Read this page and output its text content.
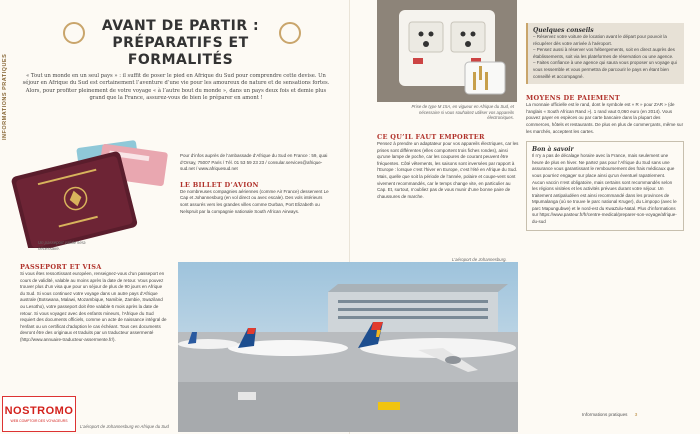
INFORMATIONS PRATIQUES
AVANT DE PARTIR :
PRÉPARATIFS ET FORMALITÉS
« Tout un monde en un seul pays » : il suffit de poser le pied en Afrique du Sud pour comprendre cette devise. Un séjour en Afrique du Sud est certainement l’aventure d’une vie pour les amoureux de nature et de sensations fortes. Alors, pour profiter pleinement de votre voyage « à l’autre bout du monde », dans un pays deux fois et demie plus grand que la France, assurez-vous de bien le préparer en amont !
Un passeport valide sera nécessaire.
PASSEPORT ET VISA
Si vous êtes ressortissant européen, renseignez-vous d’un passeport en cours de validité, valable au moins après la date de retour. Vous pouvez trouver plus d’un visa que pour un séjour de plus de 90 jours en Afrique du Sud. Si vous continuez votre voyage dans un autre pays d’Afrique australe (Botswana, Malawi, Mozambique, Namibie, Zambie, Swaziland ou Lesotho), votre passeport doit être valable 6 mois après la date de retour. Si vous voyagez avec des enfants mineurs, l’Afrique du Sud requiert des documents officiels, comme un acte de naissance intégral de l’enfant ou un certificat d’adoption le cas échéant. Tous ces documents devront être des originaux et traduits par un traducteur assermenté (http://www.annuaire-traducteur-assermente.fr/).
Pour d’infos auprès de l’ambassade d’Afrique du Sud en France : 59, quai d’Orsay, 75007 Paris / Tél. 01 53 59 23 23 / consular.services@afrique-sud.net / www.afriquesud.net
LE BILLET D’AVION
De nombreuses compagnies aériennes (comme Air France) desservent Le Cap et Johannesburg (en vol direct ou avec escale). Des vols intérieurs sont assurés vers les grandes villes comme Durban, Port Elizabeth ou Nelspruit par la compagnie nationale South African Airways.
NOSTROMO
WEB COMPTOIR DES VOYAGEURS
L’aéroport de Johannesburg en Afrique du Sud
L’aéroport de Johannesburg.
Prise de type M 15A, en vigueur en Afrique du Sud, et nécessaire si vous souhaitez utiliser vos appareils électroniques.
CE QU’IL FAUT EMPORTER
Pensez à prendre un adaptateur pour vos appareils électriques, car les prises sont différentes (elles comportent trois fiches rondes), ainsi qu’une lampe de poche, car les coupures de courant peuvent être fréquentes. Côté vêtements, les saisons sont inversées par rapport à l’Europe : lorsque c’est l’hiver en Europe, c’est l’été en Afrique du Sud. Mais, quelle que soit la période de l’année, polaire et coupe-vent sont vivement recommandés, car le temps change vite, en particulier au Cap. Et, surtout, n’oubliez pas de vous munir d’une bonne paire de chaussures de marche.
Quelques conseils
– Réservez votre voiture de location avant le départ pour pouvoir la récupérer dès votre arrivée à l’aéroport.
– Pensez aussi à réserver vos hébergements, soit en direct auprès des établissements, soit via les plateformes de réservation ou une agence.
– Faites confiance à une agence qui saura vous proposer un voyage qui vous ressemble et vous permettra de parcourir le pays en étant bien conseillé et accompagné.
MOYENS DE PAIEMENT
La monnaie officielle est le rand, dont le symbole est « R » pour ZAR » (de l’anglais « South African Rand »). 1 rand vaut 0,060 euro (en 2014). Vous pouvez payer en espèces ou par carte bancaire dans la plupart des commerces, hôtels et restaurants. De plus en plus de commerçants, même sur les marchés, acceptent les cartes.
Bon à savoir
Il n’y a pas de décalage horaire avec la France, mais seulement une heure de plus en hiver. Ne partez pas pour l’Afrique du Sud sans une assurance vous garantissant le remboursement des frais médicaux que vous pourriez engager sur place ainsi qu’un éventuel rapatriement. Aucun vaccin n’est obligatoire, mais certains sont recommandés selon les régions visitées et les activités prévues durant votre séjour. Un traitement antipaludéen est ainsi recommandé dans les provinces de Mpumalanga (où se trouve le parc national Kruger), du Limpopo (avec le parc Mapungubwe) et le nord-est du KwaZulu-Natal. Plus d’informations sur https://www.pasteur.fr/fr/centre-medical/preparer-son-voyage/afrique-du-sud
Informations pratiques 3
